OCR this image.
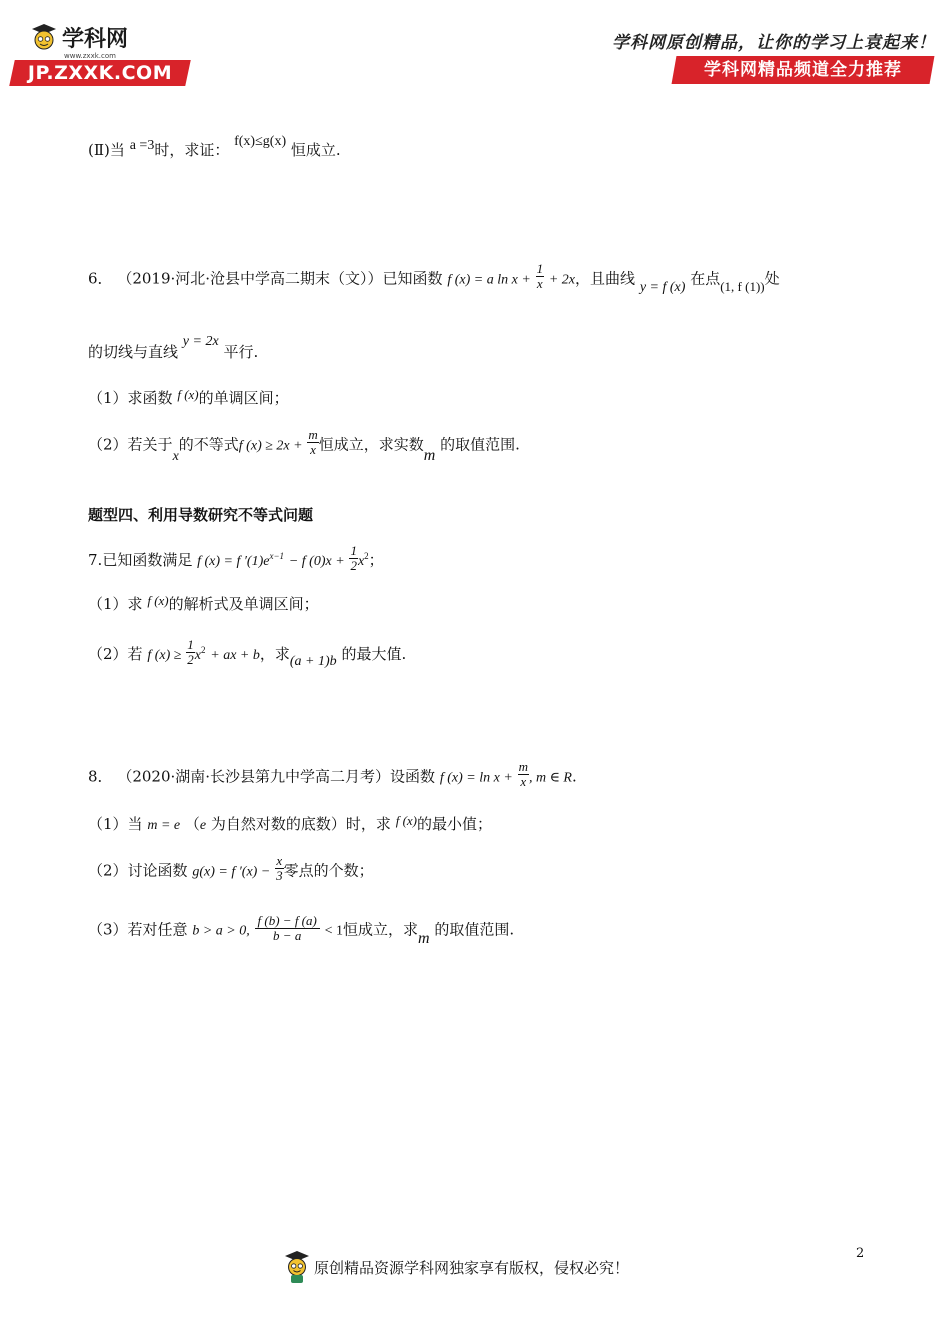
学科网
www.zxxk.com
JP.ZXXK.COM
学科网原创精品，让你的学习上袁起来！
学科网精品频道全力推荐
(Ⅱ)当 a =3时，求证： f(x)≤g(x) 恒成立.
6． （2019·河北·沧县中学高二期末（文））已知函数 f (x) = a $\ln x + \frac{1}{x} + 2x$，且曲线 y = f (x) 在点(1, f (1))处
的切线与直线 y = 2x 平行.
（1）求函数 f (x)的单调区间；
（2）若关于x的不等式f $(x) \ge 2x + \frac{m}{x}$ 恒成立，求实数m 的取值范围.
题型四、利用导数研究不等式问题
7.已知函数满足 f (x) = f $'(1)e^{x-1} - f$ $(0)x + \frac{1}{2} x^2$；
（1）求 f (x)的解析式及单调区间；
（2）若 f $(x) \ge \frac{1}{2} x^2$ + ax + b，求(a + 1)b 的最大值.
8． （2020·湖南·长沙县第九中学高二月考）设函数 f $(x) = \ln x + \frac{m}{x}$ , m ∈ R.
（1）当 m = e （e 为自然对数的底数）时，求 f (x)的最小值；
（2）讨论函数 g(x) = f $'(x) - \frac{x}{3}$ 零点的个数；
（3）若对任意 b > a > 0, $\frac{f (b) - f (a)}{b - a} < 1$恒成立，求m 的取值范围.
2
原创精品资源学科网独家享有版权，侵权必究！
